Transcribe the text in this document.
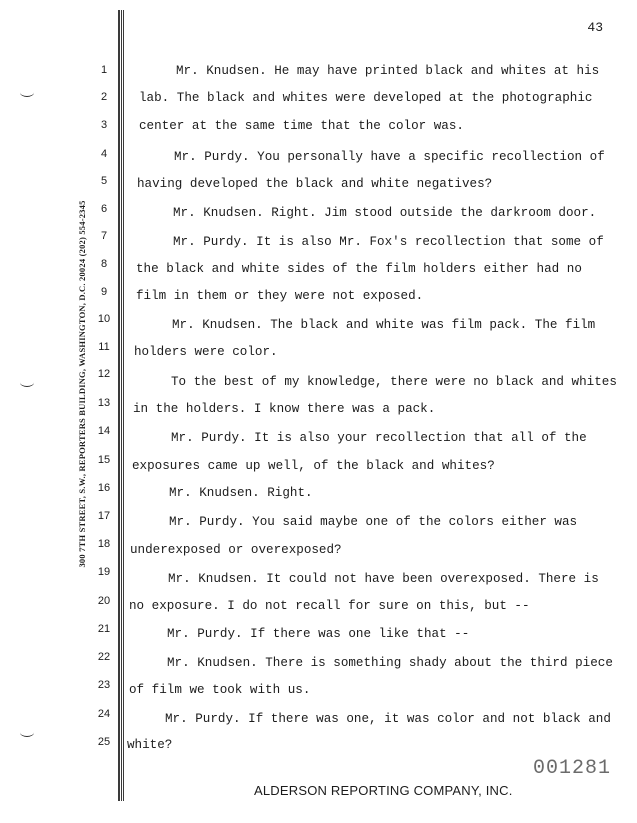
43
300 7TH STREET, S.W., REPORTERS BUILDING, WASHINGTON, D.C. 20024 (202) 554-2345
1	Mr. Knudsen. He may have printed black and whites at his
2	lab. The black and whites were developed at the photographic
3	center at the same time that the color was.
4	Mr. Purdy. You personally have a specific recollection of
5	having developed the black and white negatives?
6	Mr. Knudsen. Right. Jim stood outside the darkroom door.
7	Mr. Purdy. It is also Mr. Fox's recollection that some of
8	the black and white sides of the film holders either had no
9	film in them or they were not exposed.
10	Mr. Knudsen. The black and white was film pack. The film
11	holders were color.
12
To the best of my knowledge, there were no black and whites
13	in the holders. I know there was a pack.
14	Mr. Purdy. It is also your recollection that all of the
15	exposures came up well, of the black and whites?
16	Mr. Knudsen. Right.
17	Mr. Purdy. You said maybe one of the colors either was
18	underexposed or overexposed?
19	Mr. Knudsen. It could not have been overexposed. There is
20	no exposure. I do not recall for sure on this, but --
21	Mr. Purdy. If there was one like that --
22	Mr. Knudsen. There is something shady about the third piece
23	of film we took with us.
24	Mr. Purdy. If there was one, it was color and not black and
25	white?
001281
ALDERSON REPORTING COMPANY, INC.
